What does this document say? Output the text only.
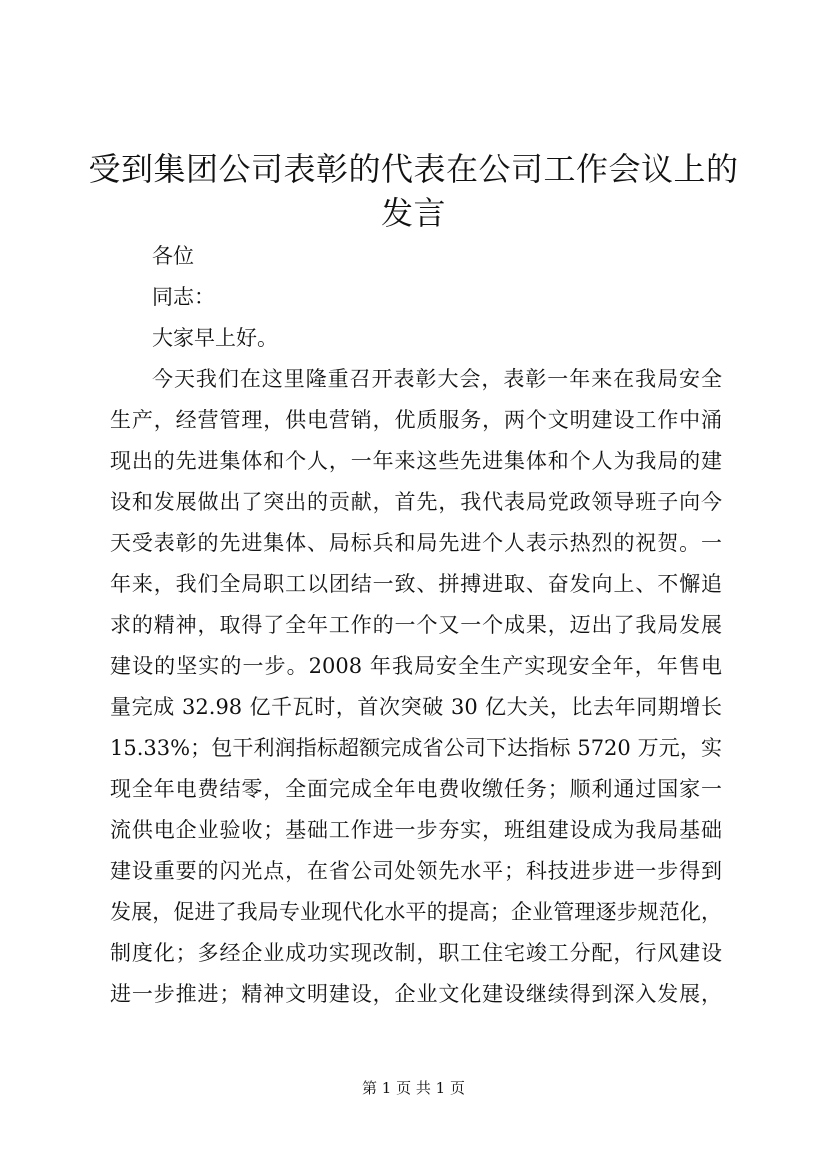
受到集团公司表彰的代表在公司工作会议上的
发言
各位
同志：
大家早上好。
今天我们在这里隆重召开表彰大会，表彰一年来在我局安全
生产，经营管理，供电营销，优质服务，两个文明建设工作中涌
现出的先进集体和个人，一年来这些先进集体和个人为我局的建
设和发展做出了突出的贡献，首先，我代表局党政领导班子向今
天受表彰的先进集体、局标兵和局先进个人表示热烈的祝贺。一
年来，我们全局职工以团结一致、拼搏进取、奋发向上、不懈追
求的精神，取得了全年工作的一个又一个成果，迈出了我局发展
建设的坚实的一步。2008 年我局安全生产实现安全年，年售电
量完成 32.98 亿千瓦时，首次突破 30 亿大关，比去年同期增长
15.33%；包干利润指标超额完成省公司下达指标 5720 万元，实
现全年电费结零，全面完成全年电费收缴任务；顺利通过国家一
流供电企业验收；基础工作进一步夯实，班组建设成为我局基础
建设重要的闪光点，在省公司处领先水平；科技进步进一步得到
发展，促进了我局专业现代化水平的提高；企业管理逐步规范化，
制度化；多经企业成功实现改制，职工住宅竣工分配，行风建设
进一步推进；精神文明建设，企业文化建设继续得到深入发展，
第 1 页 共 1 页
